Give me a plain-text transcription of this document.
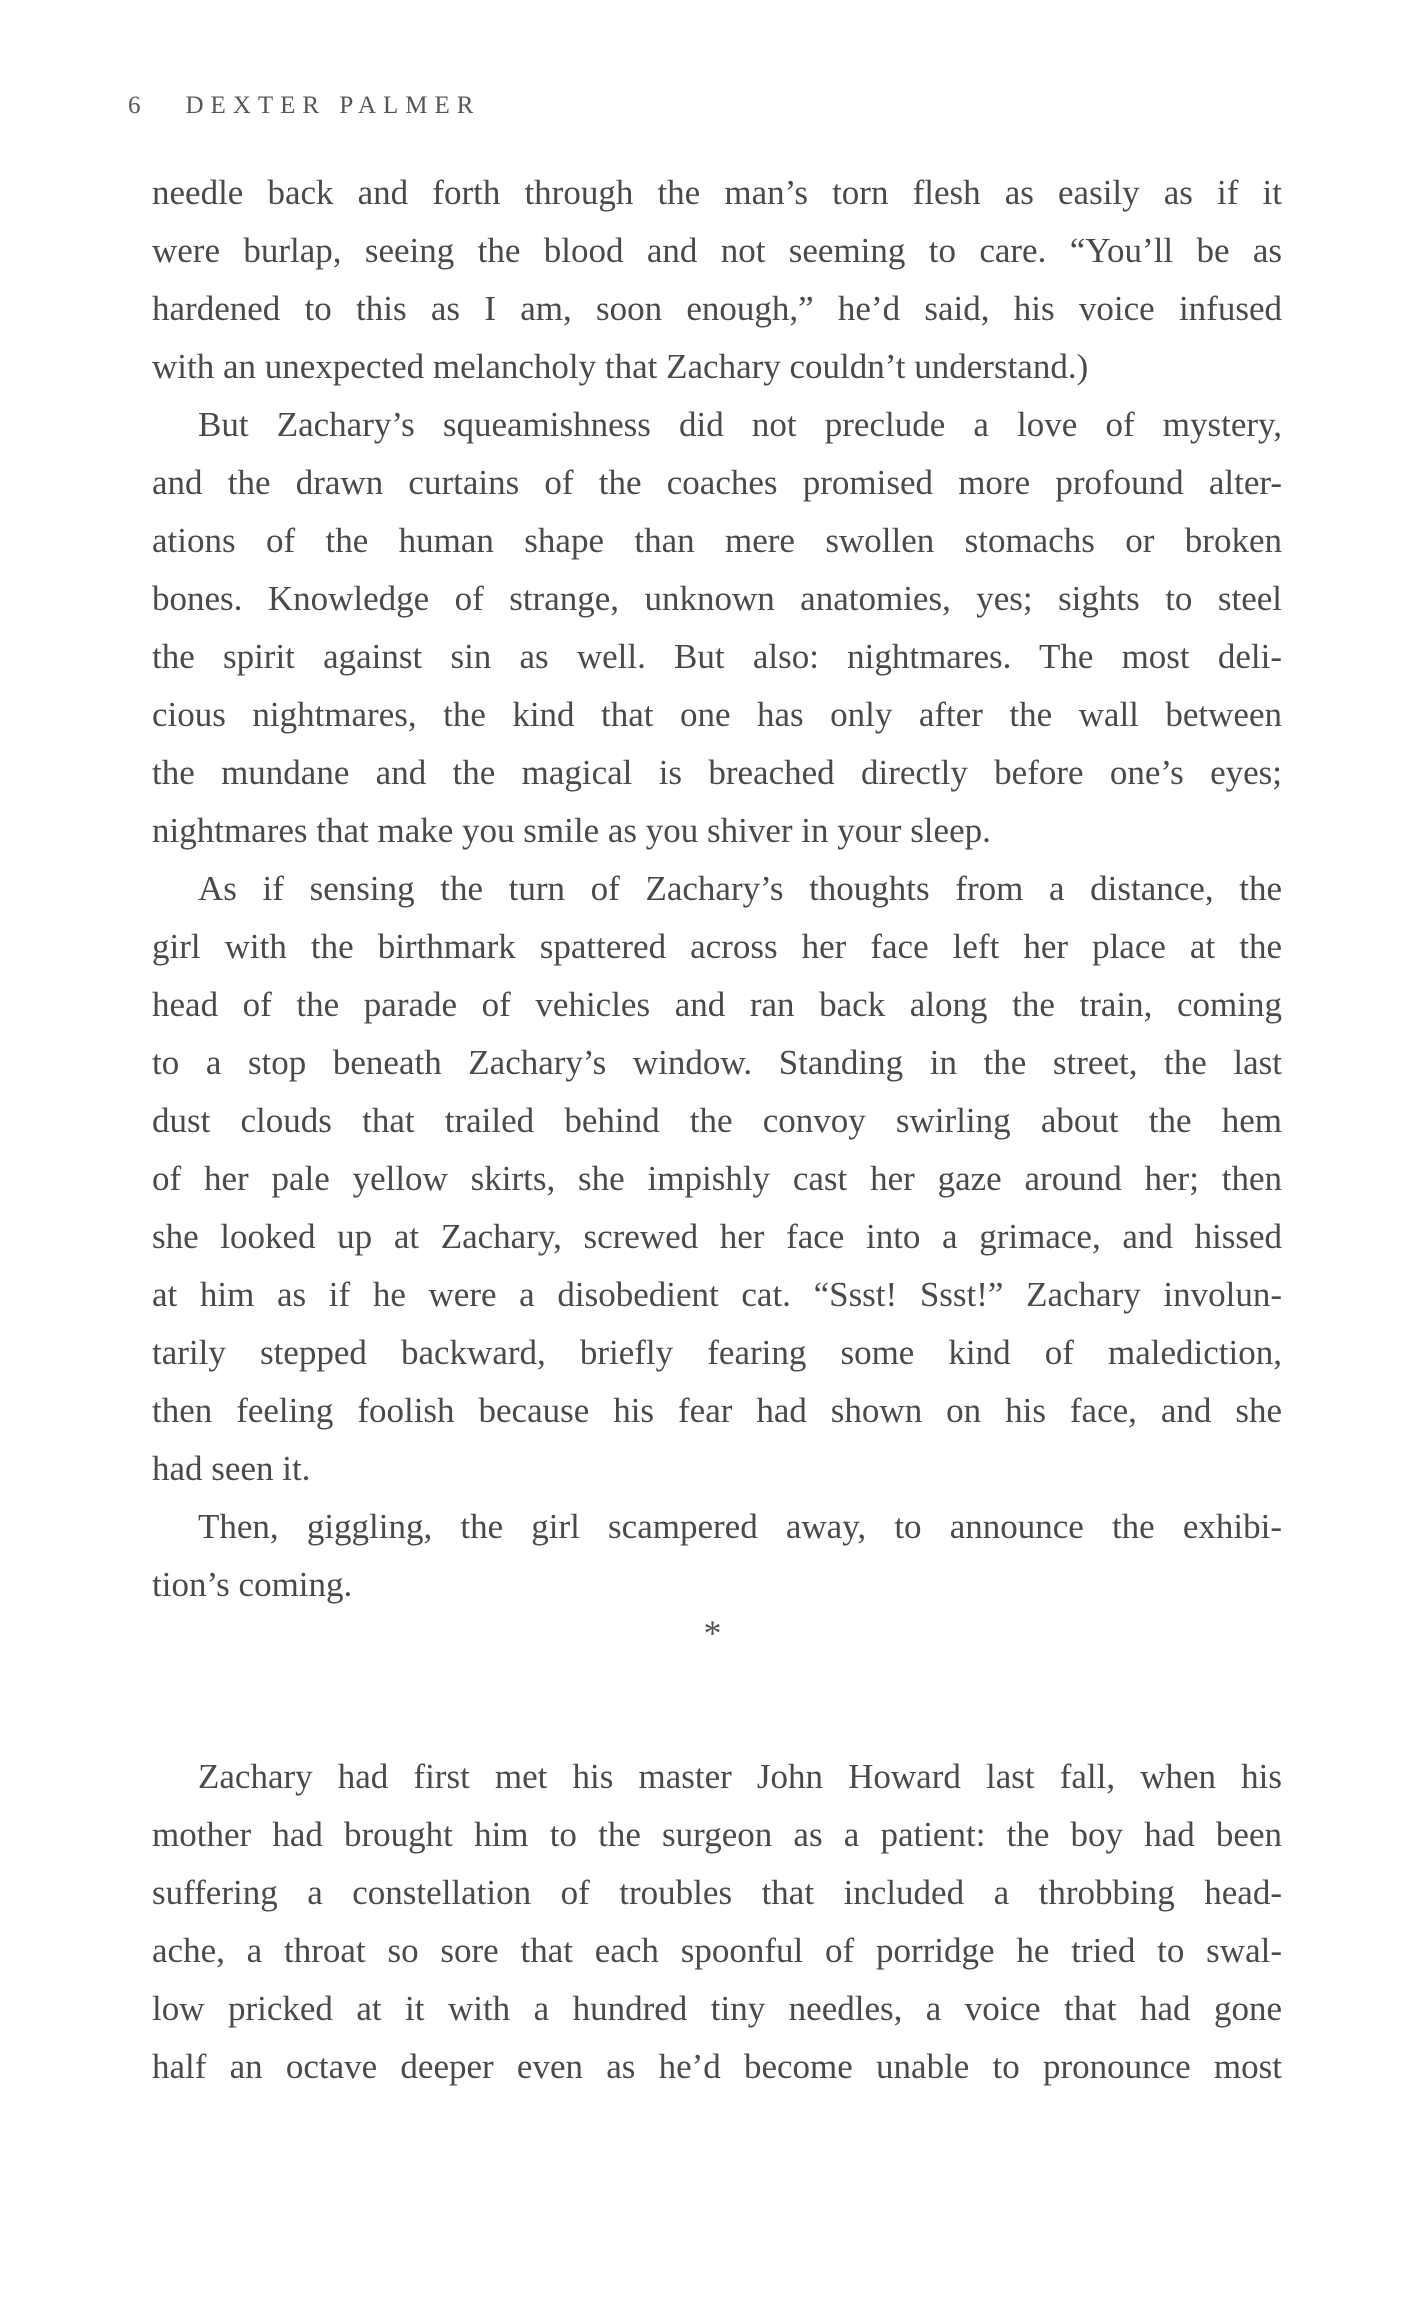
6 DEXTER PALMER
needle back and forth through the man’s torn flesh as easily as if it
were burlap, seeing the blood and not seeming to care. “You’ll be as
hardened to this as I am, soon enough,” he’d said, his voice infused
with an unexpected melancholy that Zachary couldn’t understand.)
But Zachary’s squeamishness did not preclude a love of mystery,
and the drawn curtains of the coaches promised more profound alter-
ations of the human shape than mere swollen stomachs or broken
bones. Knowledge of strange, unknown anatomies, yes; sights to steel
the spirit against sin as well. But also: nightmares. The most deli-
cious nightmares, the kind that one has only after the wall between
the mundane and the magical is breached directly before one’s eyes;
nightmares that make you smile as you shiver in your sleep.
As if sensing the turn of Zachary’s thoughts from a distance, the
girl with the birthmark spattered across her face left her place at the
head of the parade of vehicles and ran back along the train, coming
to a stop beneath Zachary’s window. Standing in the street, the last
dust clouds that trailed behind the convoy swirling about the hem
of her pale yellow skirts, she impishly cast her gaze around her; then
she looked up at Zachary, screwed her face into a grimace, and hissed
at him as if he were a disobedient cat. “Ssst! Ssst!” Zachary involun-
tarily stepped backward, briefly fearing some kind of malediction,
then feeling foolish because his fear had shown on his face, and she
had seen it.
Then, giggling, the girl scampered away, to announce the exhibi-
tion’s coming.
*
Zachary had first met his master John Howard last fall, when his
mother had brought him to the surgeon as a patient: the boy had been
suffering a constellation of troubles that included a throbbing head-
ache, a throat so sore that each spoonful of porridge he tried to swal-
low pricked at it with a hundred tiny needles, a voice that had gone
half an octave deeper even as he’d become unable to pronounce most
